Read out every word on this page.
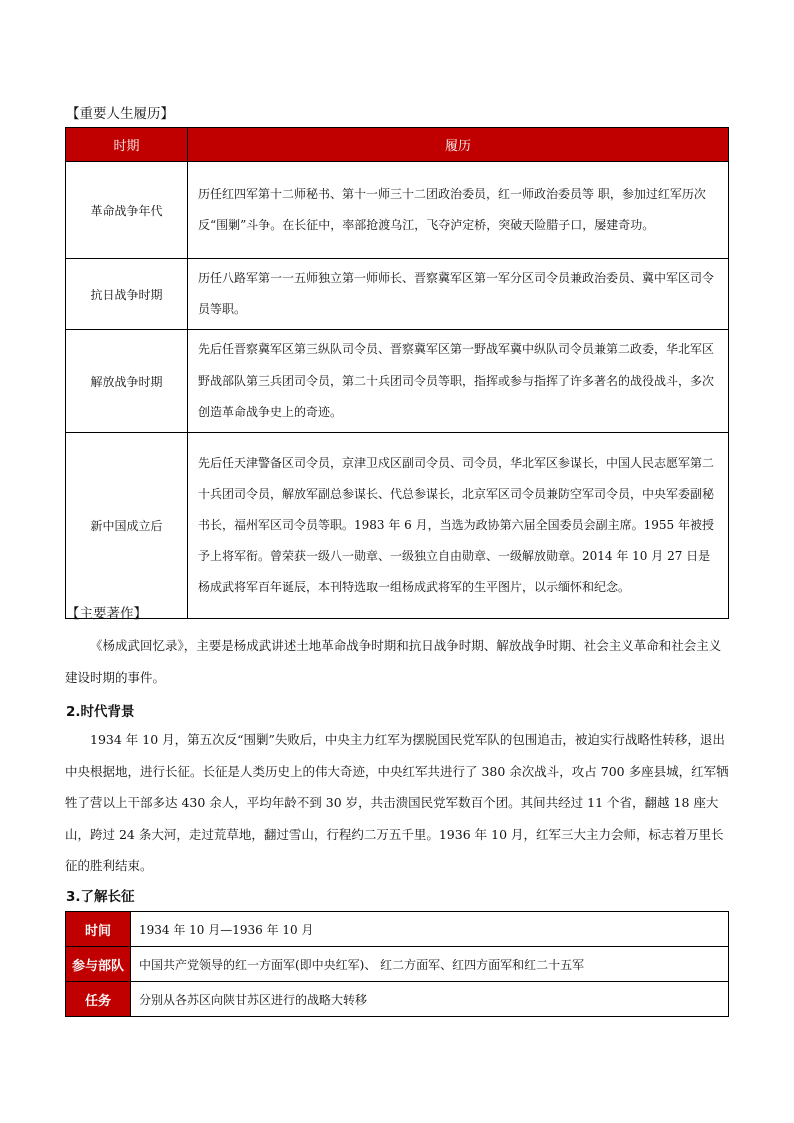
【重要人生履历】
时期	履历
革命战争年代	历任红四军第十二师秘书、第十一师三十二团政治委员，红一师政治委员等 职，参加过红军历次反“围剿”斗争。在长征中，率部抢渡乌江，飞夺泸定桥，突破天险腊子口，屡建奇功。
抗日战争时期	历任八路军第一一五师独立第一师师长、晋察冀军区第一军分区司令员兼政治委员、冀中军区司令员等职。
解放战争时期	先后任晋察冀军区第三纵队司令员、晋察冀军区第一野战军冀中纵队司令员兼第二政委，华北军区野战部队第三兵团司令员，第二十兵团司令员等职，指挥或参与指挥了许多著名的战役战斗，多次创造革命战争史上的奇迹。
新中国成立后	先后任天津警备区司令员，京津卫戍区副司令员、司令员，华北军区参谋长，中国人民志愿军第二十兵团司令员，解放军副总参谋长、代总参谋长，北京军区司令员兼防空军司令员，中央军委副秘书长，福州军区司令员等职。1983 年 6 月，当选为政协第六届全国委员会副主席。1955 年被授予上将军衔。曾荣获一级八一勋章、一级独立自由勋章、一级解放勋章。2014 年 10 月 27 日是杨成武将军百年诞辰，本刊特选取一组杨成武将军的生平图片，以示缅怀和纪念。
【主要著作】

《杨成武回忆录》，主要是杨成武讲述土地革命战争时期和抗日战争时期、解放战争时期、社会主义革命和社会主义建设时期的事件。

2.时代背景

1934 年 10 月，第五次反“围剿”失败后，中央主力红军为摆脱国民党军队的包围追击，被迫实行战略性转移，退出中央根据地，进行长征。长征是人类历史上的伟大奇迹，中央红军共进行了 380 余次战斗，攻占 700 多座县城，红军牺牲了营以上干部多达 430 余人，平均年龄不到 30 岁，共击溃国民党军数百个团。其间共经过 11 个省，翻越 18 座大山，跨过 24 条大河，走过荒草地，翻过雪山，行程约二万五千里。1936 年 10 月，红军三大主力会师，标志着万里长征的胜利结束。

3.了解长征
时间	1934 年 10 月—1936 年 10 月
参与部队	中国共产党领导的红一方面军(即中央红军)、 红二方面军、红四方面军和红二十五军
任务	分别从各苏区向陕甘苏区进行的战略大转移
